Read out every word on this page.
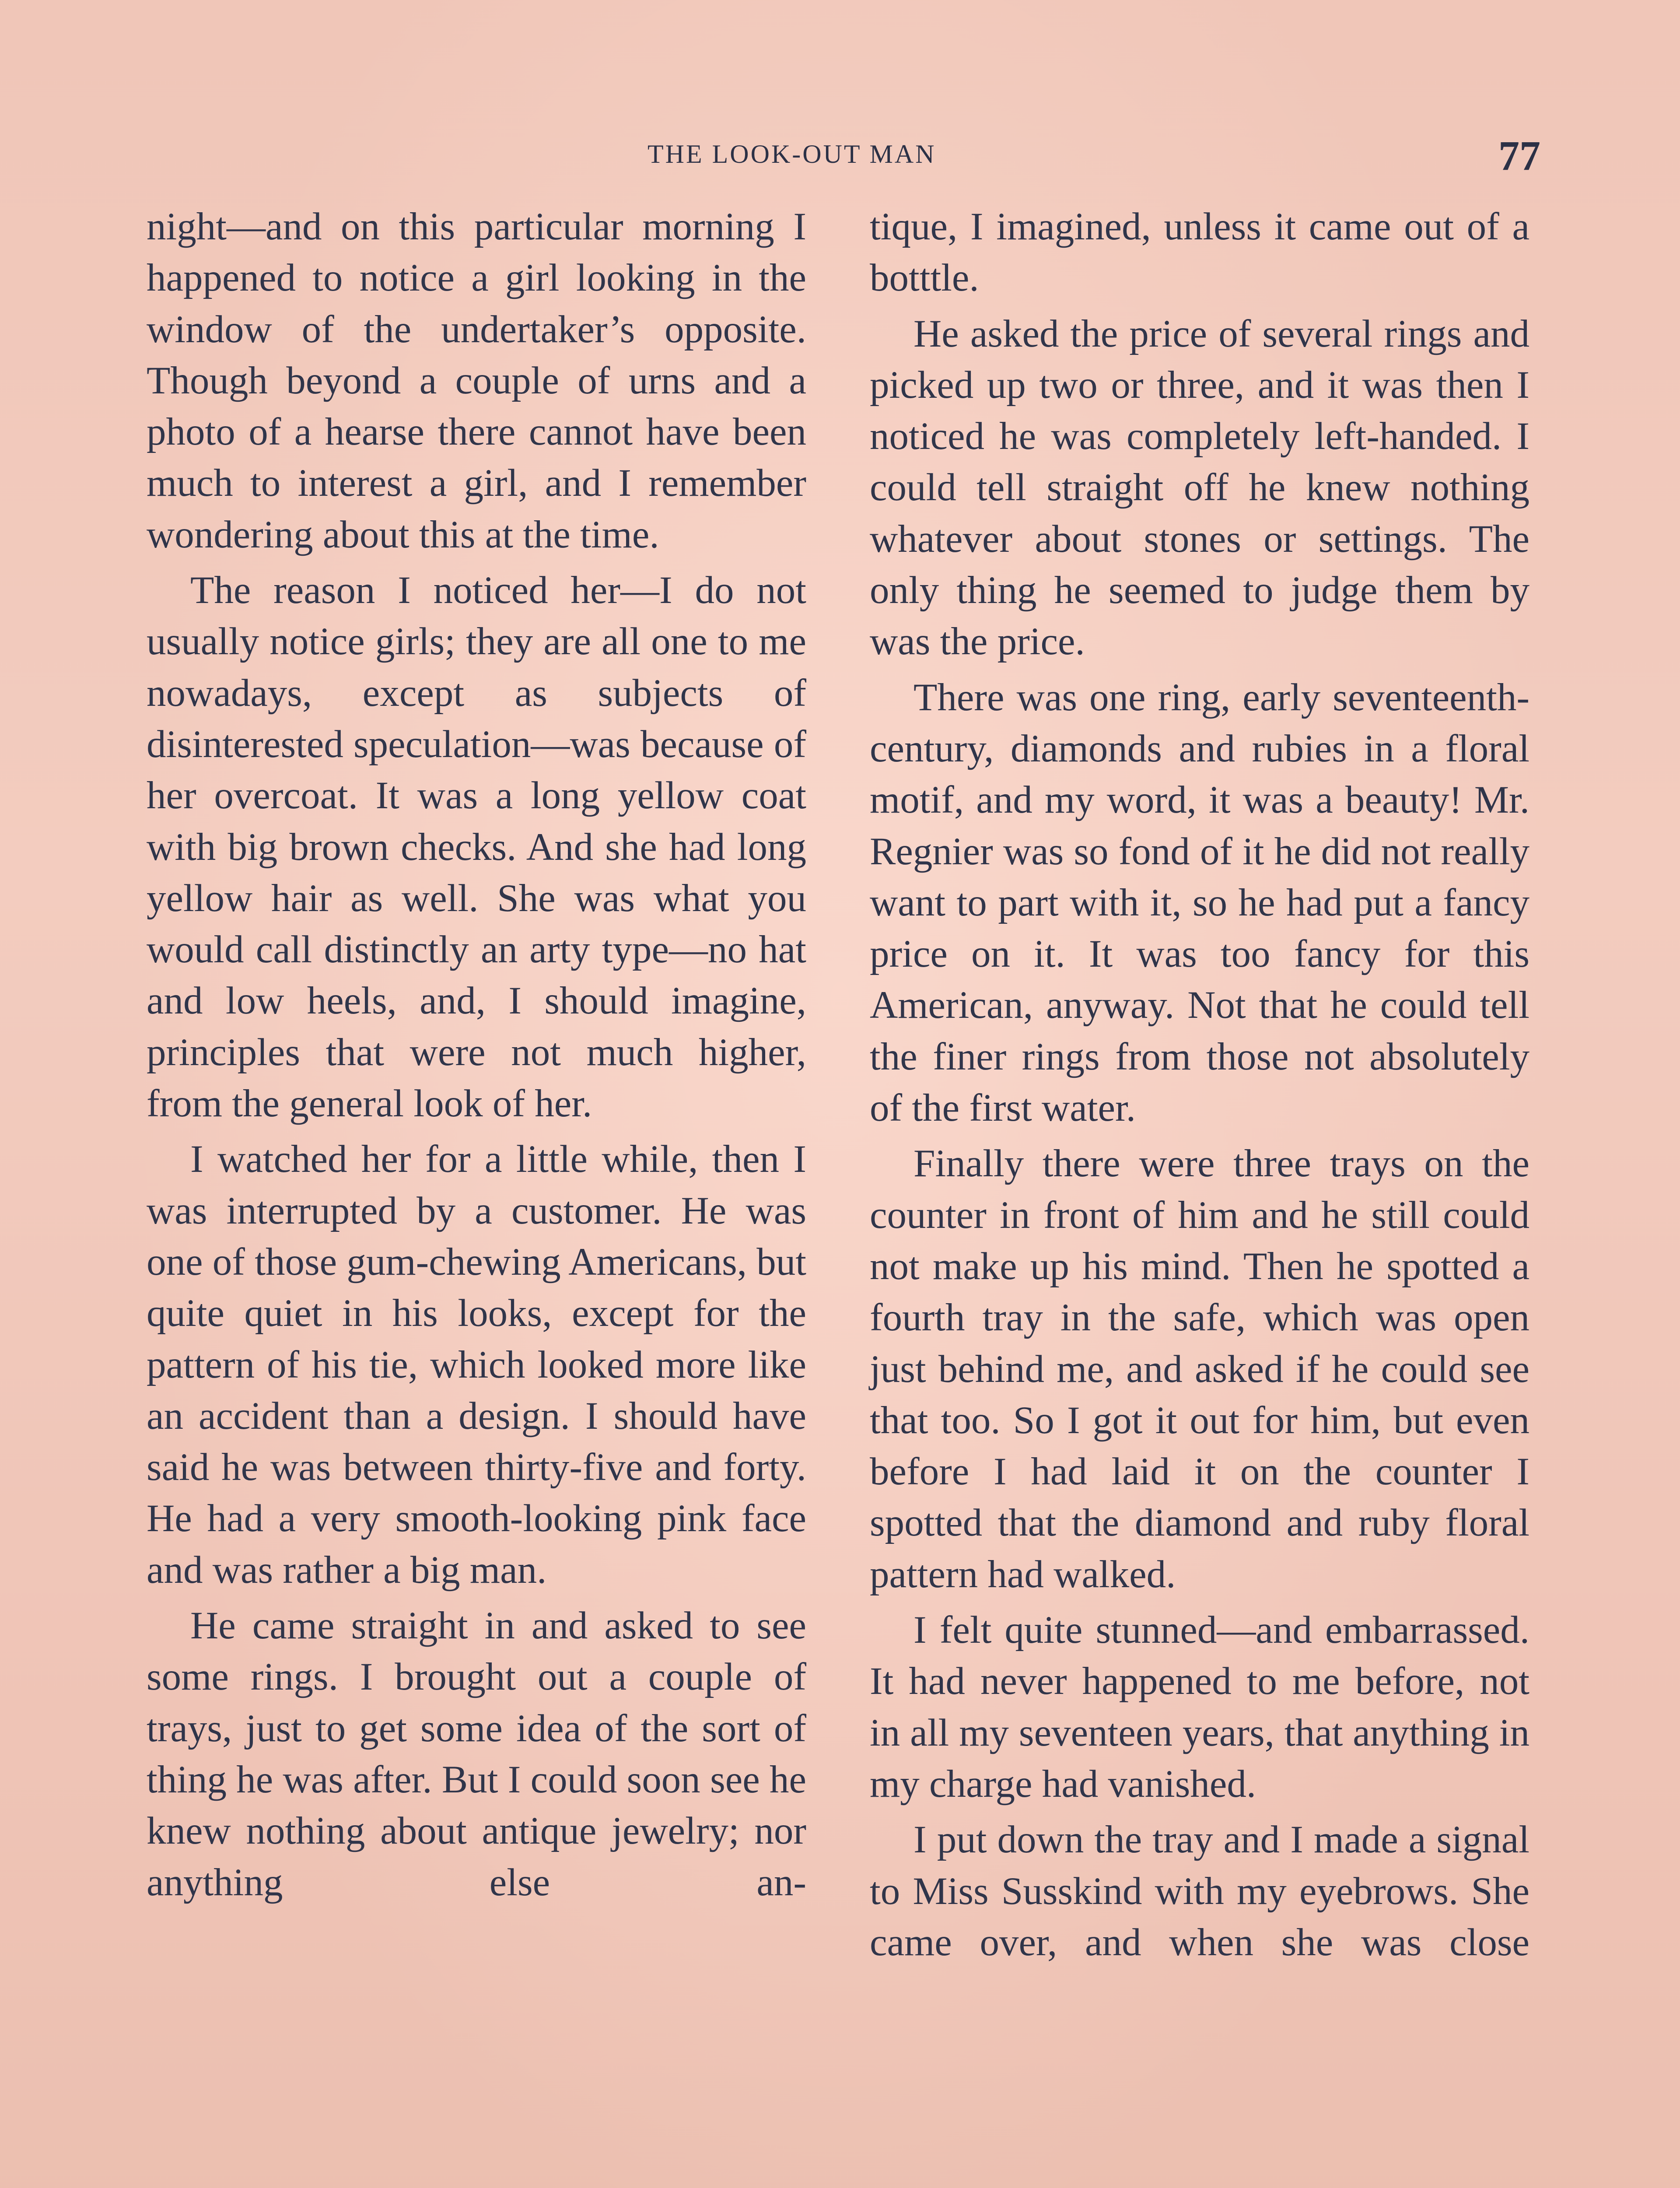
THE LOOK-OUT MAN	77

night—and on this particular morning I happened to notice a girl looking in the window of the undertaker’s opposite. Though beyond a couple of urns and a photo of a hearse there cannot have been much to interest a girl, and I remember wondering about this at the time.

The reason I noticed her—I do not usually notice girls; they are all one to me nowadays, except as subjects of disinterested speculation—was because of her overcoat. It was a long yellow coat with big brown checks. And she had long yellow hair as well. She was what you would call distinctly an arty type—no hat and low heels, and, I should imagine, principles that were not much higher, from the general look of her.

I watched her for a little while, then I was interrupted by a customer. He was one of those gum-chewing Americans, but quite quiet in his looks, except for the pattern of his tie, which looked more like an accident than a design. I should have said he was between thirty-five and forty. He had a very smooth-looking pink face and was rather a big man.

He came straight in and asked to see some rings. I brought out a couple of trays, just to get some idea of the sort of thing he was after. But I could soon see he knew nothing about antique jewelry; nor anything else an-

tique, I imagined, unless it came out of a botttle.

He asked the price of several rings and picked up two or three, and it was then I noticed he was completely left-handed. I could tell straight off he knew nothing whatever about stones or settings. The only thing he seemed to judge them by was the price.

There was one ring, early seventeenth-century, diamonds and rubies in a floral motif, and my word, it was a beauty! Mr. Regnier was so fond of it he did not really want to part with it, so he had put a fancy price on it. It was too fancy for this American, anyway. Not that he could tell the finer rings from those not absolutely of the first water.

Finally there were three trays on the counter in front of him and he still could not make up his mind. Then he spotted a fourth tray in the safe, which was open just behind me, and asked if he could see that too. So I got it out for him, but even before I had laid it on the counter I spotted that the diamond and ruby floral pattern had walked.

I felt quite stunned—and embarrassed. It had never happened to me before, not in all my seventeen years, that anything in my charge had vanished.

I put down the tray and I made a signal to Miss Susskind with my eyebrows. She came over, and when she was close
